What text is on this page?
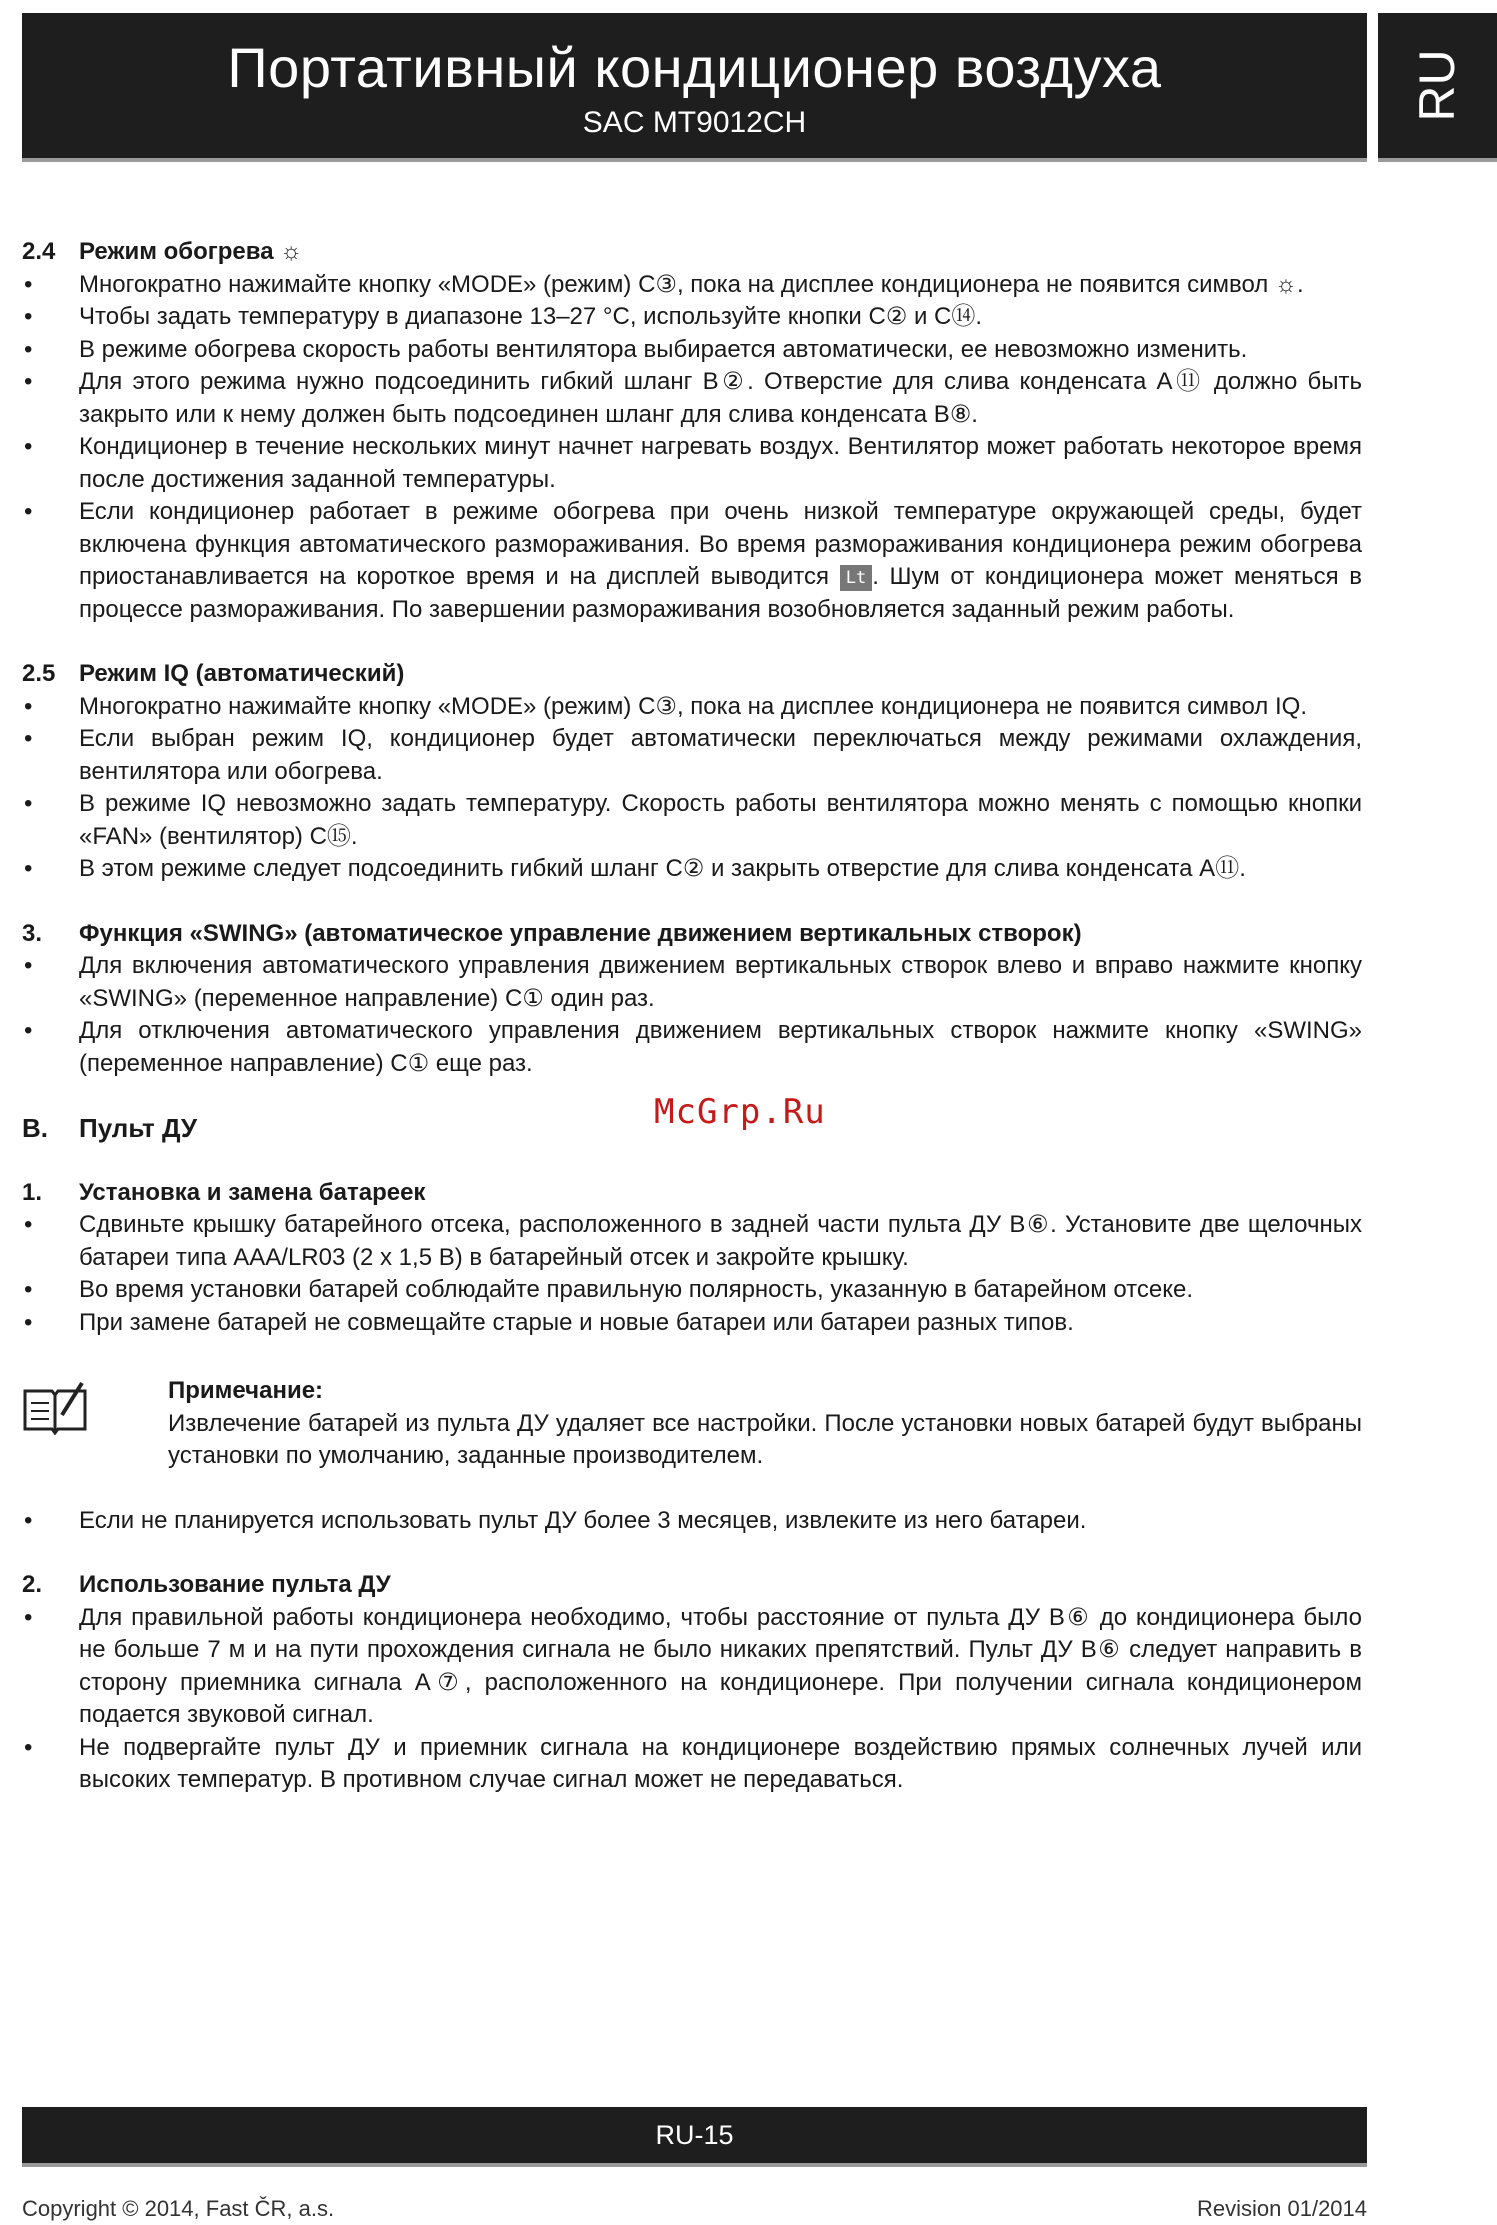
Портативный кондиционер воздуха
SAC MT9012CH
RU
2.4 Режим обогрева ☼
• Многократно нажимайте кнопку «MODE» (режим) C③, пока на дисплее кондиционера не появится символ ☼.
• Чтобы задать температуру в диапазоне 13–27 °C, используйте кнопки C② и C⑭.
• В режиме обогрева скорость работы вентилятора выбирается автоматически, ее невозможно изменить.
• Для этого режима нужно подсоединить гибкий шланг B②. Отверстие для слива конденсата A⑪ должно быть закрыто или к нему должен быть подсоединен шланг для слива конденсата B⑧.
• Кондиционер в течение нескольких минут начнет нагревать воздух. Вентилятор может работать некоторое время после достижения заданной температуры.
• Если кондиционер работает в режиме обогрева при очень низкой температуре окружающей среды, будет включена функция автоматического размораживания. Во время размораживания кондиционера режим обогрева приостанавливается на короткое время и на дисплей выводится Lt . Шум от кондиционера может меняться в процессе размораживания. По завершении размораживания возобновляется заданный режим работы.
2.5 Режим IQ (автоматический)
• Многократно нажимайте кнопку «MODE» (режим) C③, пока на дисплее кондиционера не появится символ IQ.
• Если выбран режим IQ, кондиционер будет автоматически переключаться между режимами охлаждения, вентилятора или обогрева.
• В режиме IQ невозможно задать температуру. Скорость работы вентилятора можно менять с помощью кнопки «FAN» (вентилятор) C⑮.
• В этом режиме следует подсоединить гибкий шланг C② и закрыть отверстие для слива конденсата A⑪.
3. Функция «SWING» (автоматическое управление движением вертикальных створок)
• Для включения автоматического управления движением вертикальных створок влево и вправо нажмите кнопку «SWING» (переменное направление) C① один раз.
• Для отключения автоматического управления движением вертикальных створок нажмите кнопку «SWING» (переменное направление) C① еще раз.
B. Пульт ДУ
1. Установка и замена батареек
• Сдвиньте крышку батарейного отсека, расположенного в задней части пульта ДУ B⑥. Установите две щелочных батареи типа AAA/LR03 (2 x 1,5 В) в батарейный отсек и закройте крышку.
• Во время установки батарей соблюдайте правильную полярность, указанную в батарейном отсеке.
• При замене батарей не совмещайте старые и новые батареи или батареи разных типов.
Примечание:
Извлечение батарей из пульта ДУ удаляет все настройки. После установки новых батарей будут выбраны установки по умолчанию, заданные производителем.
• Если не планируется использовать пульт ДУ более 3 месяцев, извлеките из него батареи.
2. Использование пульта ДУ
• Для правильной работы кондиционера необходимо, чтобы расстояние от пульта ДУ B⑥ до кондиционера было не больше 7 м и на пути прохождения сигнала не было никаких препятствий. Пульт ДУ B⑥ следует направить в сторону приемника сигнала A⑦, расположенного на кондиционере. При получении сигнала кондиционером подается звуковой сигнал.
• Не подвергайте пульт ДУ и приемник сигнала на кондиционере воздействию прямых солнечных лучей или высоких температур. В противном случае сигнал может не передаваться.
McGrp.Ru
RU-15
Copyright © 2014, Fast ČR, a.s.	Revision 01/2014
